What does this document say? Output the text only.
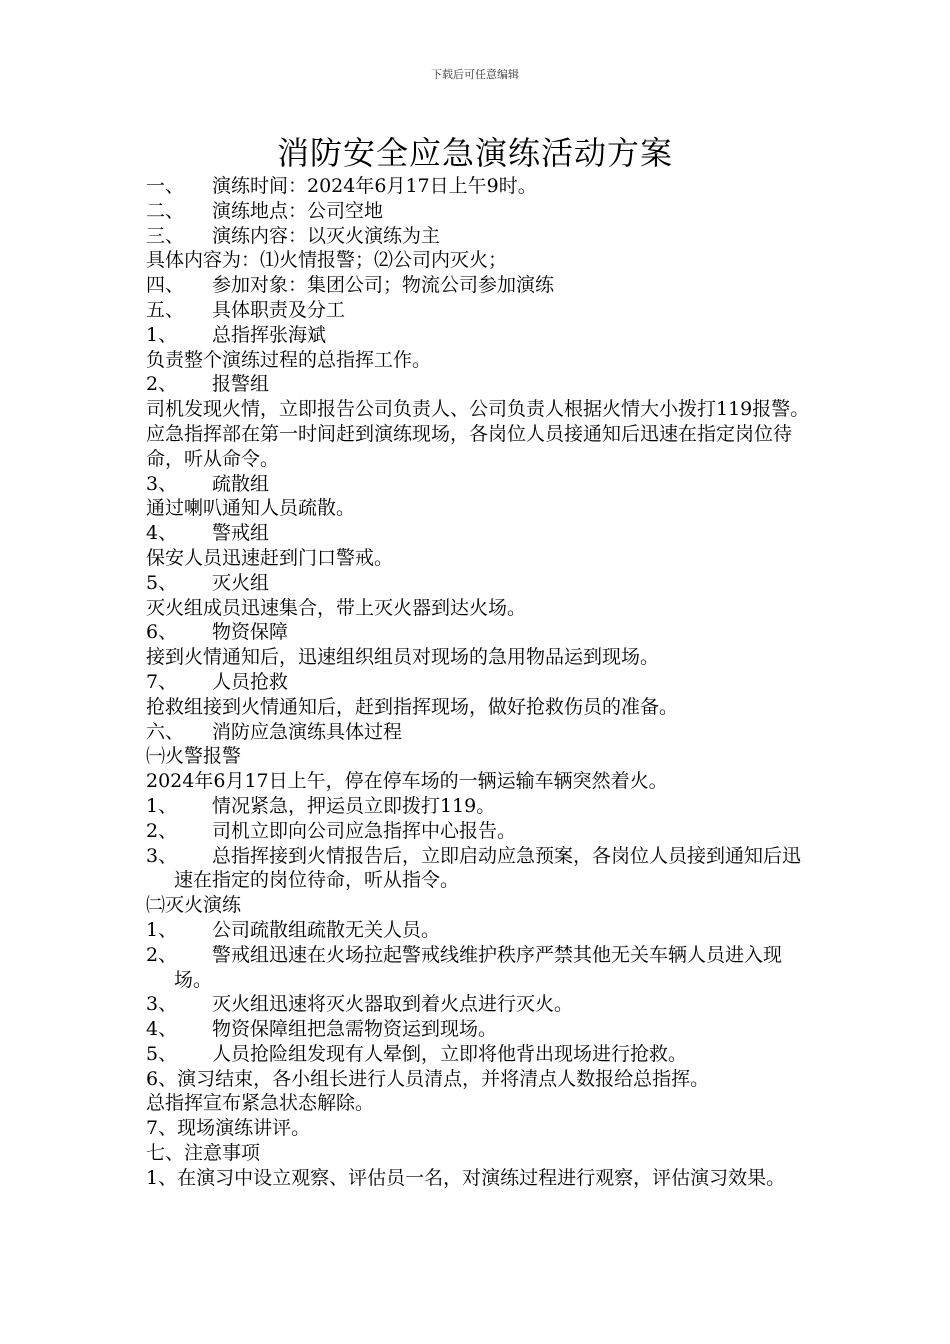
下载后可任意编辑
消防安全应急演练活动方案
一、 演练时间：2024年6月17日上午9时。
二、 演练地点：公司空地
三、 演练内容：以灭火演练为主
具体内容为：⑴火情报警；⑵公司内灭火；
四、 参加对象：集团公司；物流公司参加演练
五、 具体职责及分工
1、 总指挥张海斌
负责整个演练过程的总指挥工作。
2、 报警组
司机发现火情，立即报告公司负责人、公司负责人根据火情大小拨打119报警。应急指挥部在第一时间赶到演练现场，各岗位人员接通知后迅速在指定岗位待命，听从命令。
3、 疏散组
通过喇叭通知人员疏散。
4、 警戒组
保安人员迅速赶到门口警戒。
5、 灭火组
灭火组成员迅速集合，带上灭火器到达火场。
6、 物资保障
接到火情通知后，迅速组织组员对现场的急用物品运到现场。
7、 人员抢救
抢救组接到火情通知后，赶到指挥现场，做好抢救伤员的准备。
六、 消防应急演练具体过程
㈠火警报警
2024年6月17日上午，停在停车场的一辆运输车辆突然着火。
1、 情况紧急，押运员立即拨打119。
2、 司机立即向公司应急指挥中心报告。
3、 总指挥接到火情报告后，立即启动应急预案，各岗位人员接到通知后迅速在指定的岗位待命，听从指令。
㈡灭火演练
1、 公司疏散组疏散无关人员。
2、 警戒组迅速在火场拉起警戒线维护秩序严禁其他无关车辆人员进入现场。
3、 灭火组迅速将灭火器取到着火点进行灭火。
4、 物资保障组把急需物资运到现场。
5、 人员抢险组发现有人晕倒，立即将他背出现场进行抢救。
6、演习结束，各小组长进行人员清点，并将清点人数报给总指挥。
总指挥宣布紧急状态解除。
7、现场演练讲评。
七、注意事项
1、在演习中设立观察、评估员一名，对演练过程进行观察，评估演习效果。
